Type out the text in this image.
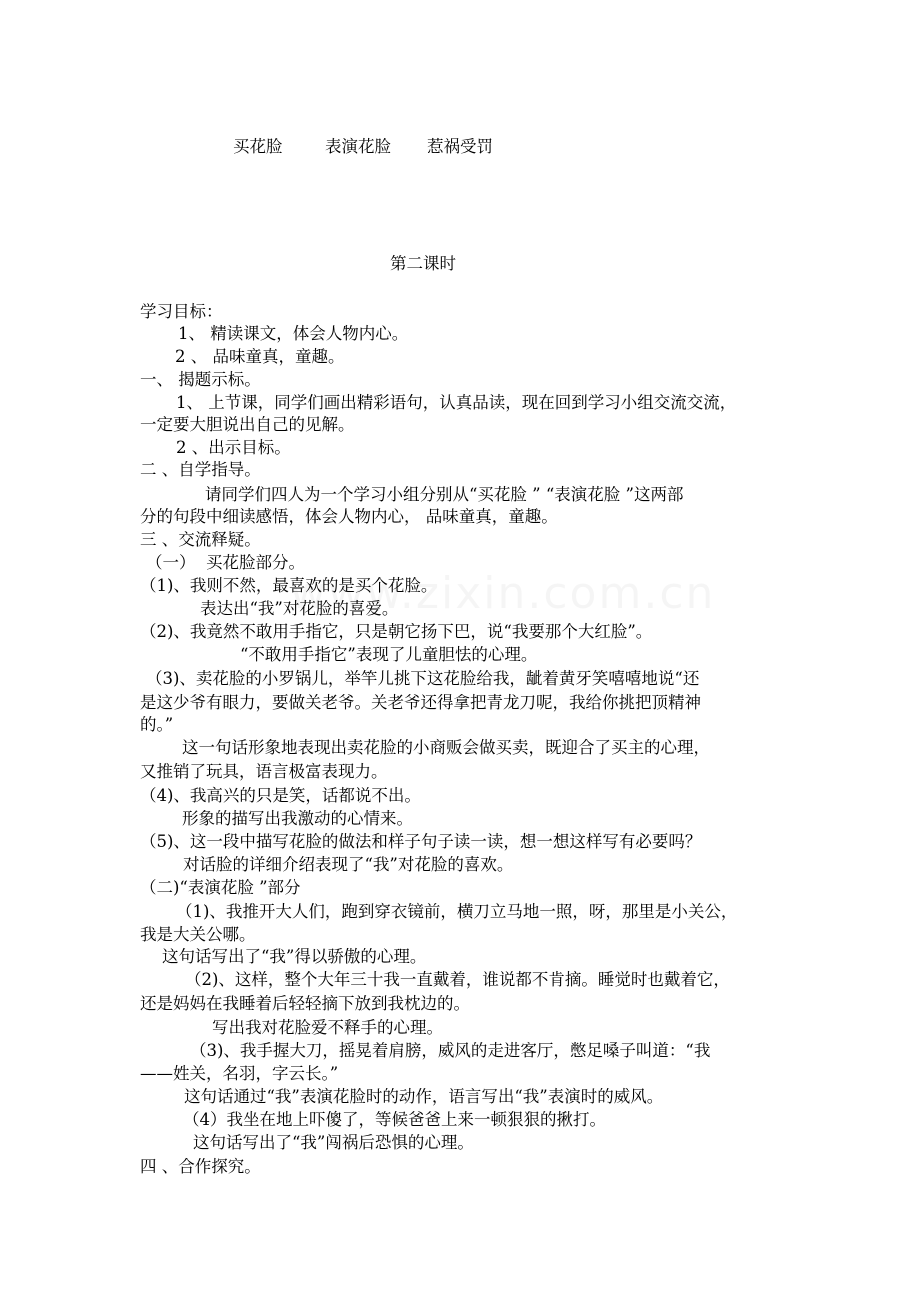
买花脸	表演花脸 惹祸受罚
第二课时
学习目标：
1、 精读课文，体会人物内心。
2 、 品味童真，童趣。
一、 揭题示标。
1、 上节课，同学们画出精彩语句，认真品读，现在回到学习小组交流交流，
一定要大胆说出自己的见解。
2 、出示目标。
二 、自学指导。
请同学们四人为一个学习小组分别从“买花脸 ” “表演花脸 ”这两部
分的句段中细读感悟，体会人物内心， 品味童真，童趣。
三 、交流释疑。
（一）  买花脸部分。
（1)、我则不然，最喜欢的是买个花脸。
表达出“我”对花脸的喜爱。
（2)、我竟然不敢用手指它，只是朝它扬下巴，说“我要那个大红脸”。
“不敢用手指它”表现了儿童胆怯的心理。
（3)、卖花脸的小罗锅儿，举竿儿挑下这花脸给我，龇着黄牙笑嘻嘻地说“还
是这少爷有眼力，要做关老爷。关老爷还得拿把青龙刀呢，我给你挑把顶精神
的。”
这一句话形象地表现出卖花脸的小商贩会做买卖，既迎合了买主的心理，
又推销了玩具，语言极富表现力。
（4)、我高兴的只是笑，话都说不出。
形象的描写出我激动的心情来。
（5)、这一段中描写花脸的做法和样子句子读一读，想一想这样写有必要吗？
对话脸的详细介绍表现了“我”对花脸的喜欢。
（二)“表演花脸 ”部分
（1)、我推开大人们，跑到穿衣镜前，横刀立马地一照，呀，那里是小关公，
我是大关公哪。
这句话写出了“我”得以骄傲的心理。
（2)、这样，整个大年三十我一直戴着，谁说都不肯摘。睡觉时也戴着它，
还是妈妈在我睡着后轻轻摘下放到我枕边的。
写出我对花脸爱不释手的心理。
（3)、我手握大刀，摇晃着肩膀，威风的走进客厅，憋足嗓子叫道：“我
——姓关，名羽，字云长。”
这句话通过“我”表演花脸时的动作，语言写出“我”表演时的威风。
（4）我坐在地上吓傻了，等候爸爸上来一顿狠狠的揪打。
这句话写出了“我”闯祸后恐惧的心理。
四 、合作探究。
